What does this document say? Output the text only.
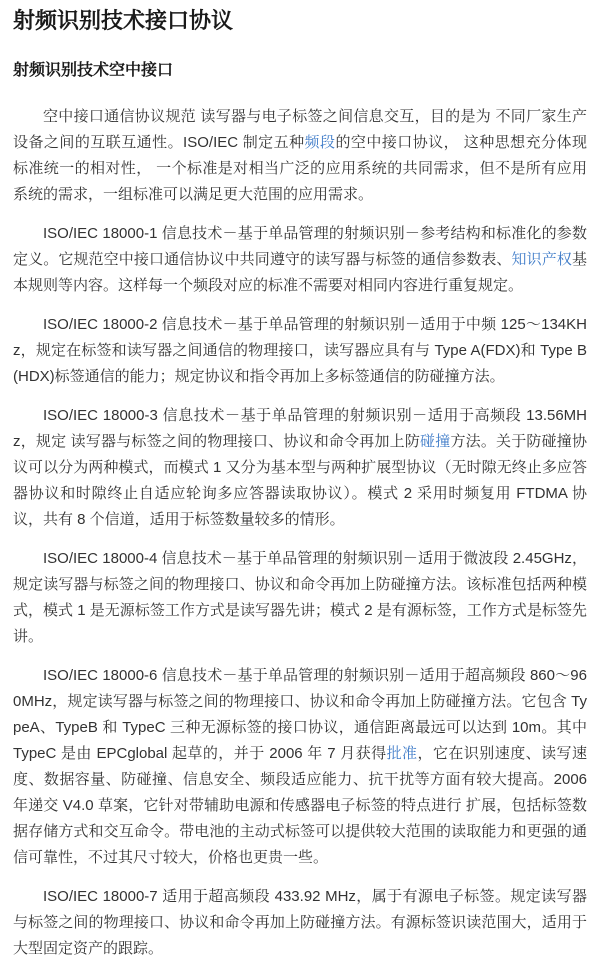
射频识别技术接口协议
射频识别技术空中接口

空中接口通信协议规范 读写器与电子标签之间信息交互，目的是为 不同厂家生产设备之间的互联互通性。ISO/IEC 制定五种频段的空中接口协议， 这种思想充分体现 标准统一的相对性， 一个标准是对相当广泛的应用系统的共同需求，但不是所有应用系统的需求，一组标准可以满足更大范围的应用需求。

ISO/IEC 18000-1 信息技术－基于单品管理的射频识别－参考结构和标准化的参数定义。它规范空中接口通信协议中共同遵守的读写器与标签的通信参数表、知识产权基本规则等内容。这样每一个频段对应的标准不需要对相同内容进行重复规定。

ISO/IEC 18000-2 信息技术－基于单品管理的射频识别－适用于中频 125～134KHz，规定在标签和读写器之间通信的物理接口，读写器应具有与 Type A(FDX)和 Type B(HDX)标签通信的能力；规定协议和指令再加上多标签通信的防碰撞方法。

ISO/IEC 18000-3 信息技术－基于单品管理的射频识别－适用于高频段 13.56MHz，规定 读写器与标签之间的物理接口、协议和命令再加上防碰撞方法。关于防碰撞协议可以分为两种模式，而模式 1 又分为基本型与两种扩展型协议（无时隙无终止多应答器协议和时隙终止自适应轮询多应答器读取协议）。模式 2 采用时频复用 FTDMA 协议，共有 8 个信道，适用于标签数量较多的情形。

ISO/IEC 18000-4 信息技术－基于单品管理的射频识别－适用于微波段 2.45GHz，规定读写器与标签之间的物理接口、协议和命令再加上防碰撞方法。该标准包括两种模式，模式 1 是无源标签工作方式是读写器先讲；模式 2 是有源标签，工作方式是标签先讲。

ISO/IEC 18000-6 信息技术－基于单品管理的射频识别－适用于超高频段 860～960MHz，规定读写器与标签之间的物理接口、协议和命令再加上防碰撞方法。它包含 TypeA、TypeB 和 TypeC 三种无源标签的接口协议，通信距离最远可以达到 10m。其中 TypeC 是由 EPCglobal 起草的，并于 2006 年 7 月获得批准，它在识别速度、读写速度、数据容量、防碰撞、信息安全、频段适应能力、抗干扰等方面有较大提高。2006 年递交 V4.0 草案，它针对带辅助电源和传感器电子标签的特点进行 扩展，包括标签数据存储方式和交互命令。带电池的主动式标签可以提供较大范围的读取能力和更强的通信可靠性，不过其尺寸较大，价格也更贵一些。

ISO/IEC 18000-7 适用于超高频段 433.92 MHz，属于有源电子标签。规定读写器与标签之间的物理接口、协议和命令再加上防碰撞方法。有源标签识读范围大，适用于大型固定资产的跟踪。
